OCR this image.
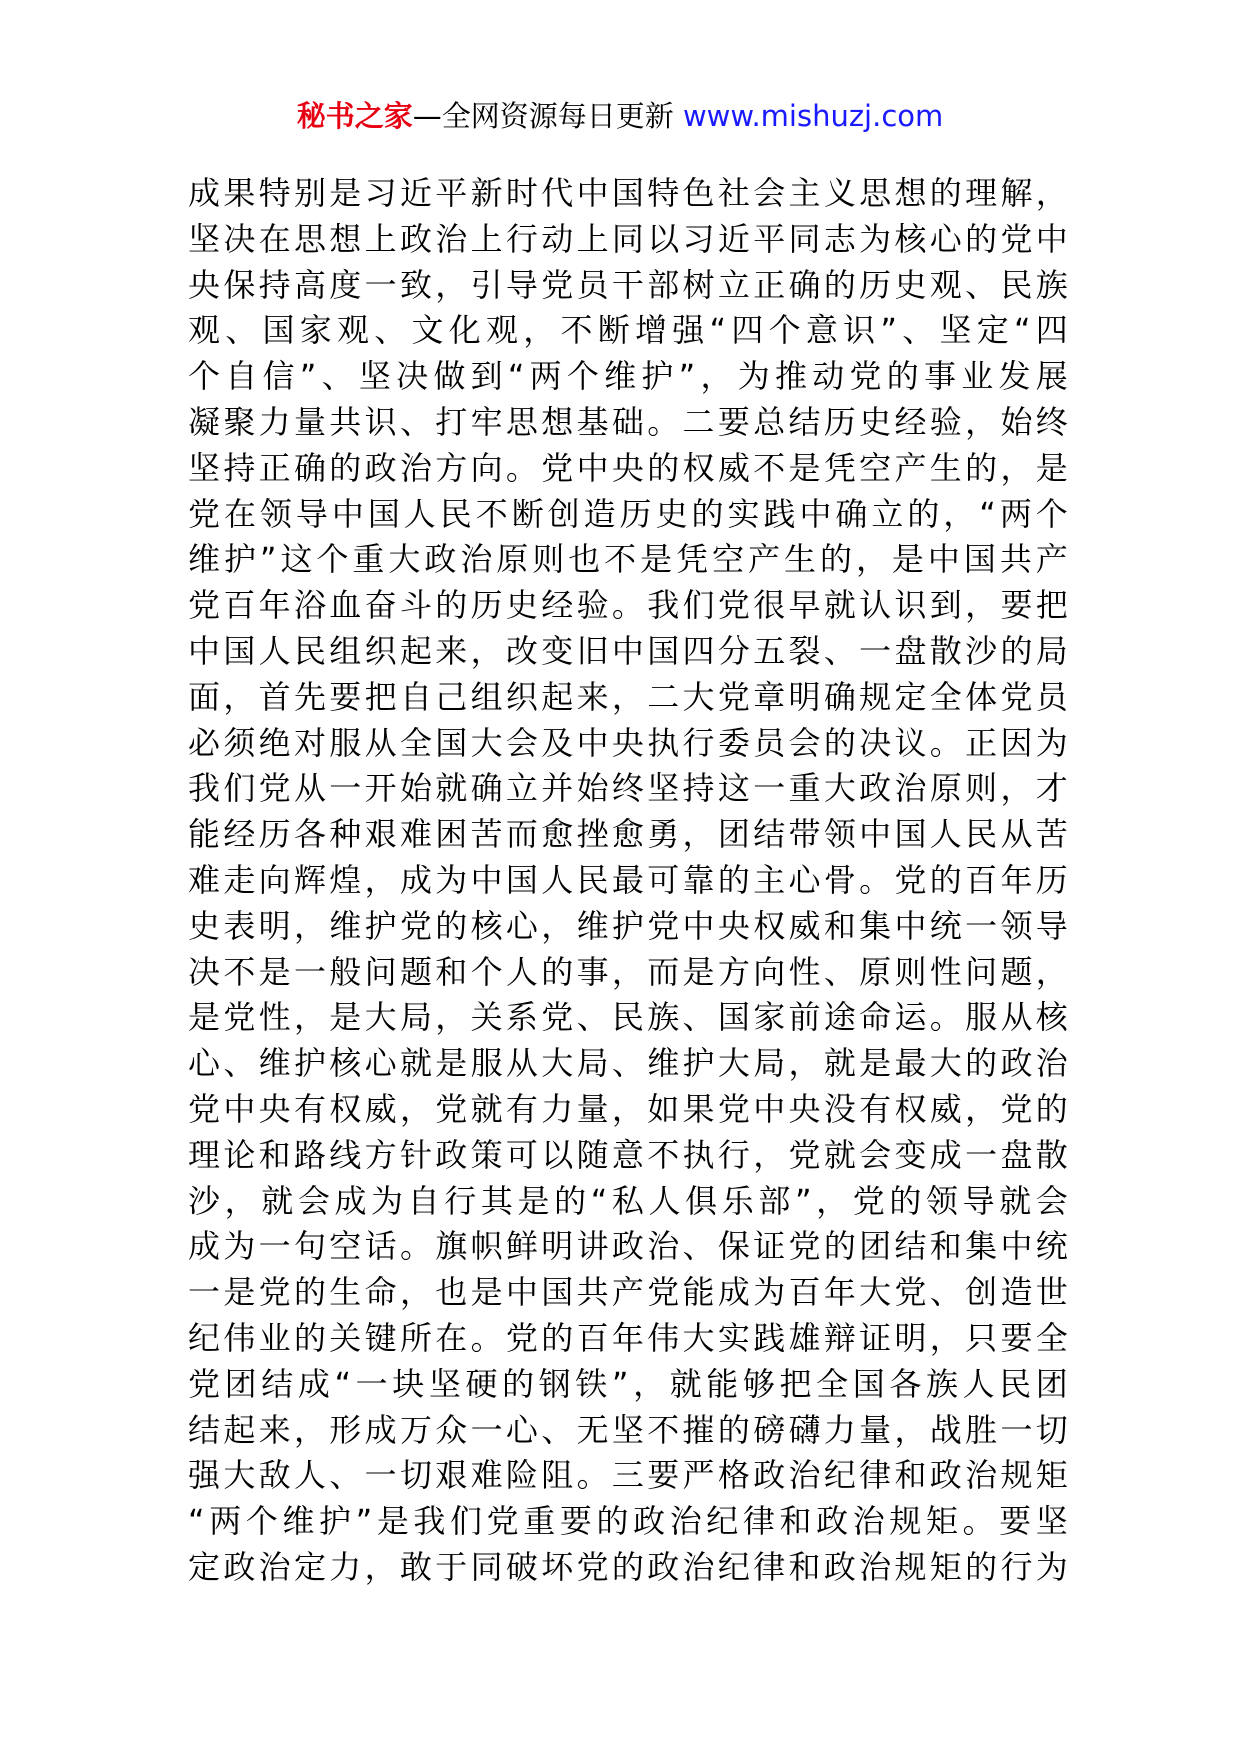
秘书之家—全网资源每日更新 www.mishuzj.com
成果特别是习近平新时代中国特色社会主义思想的理解，
坚决在思想上政治上行动上同以习近平同志为核心的党中
央保持高度一致，引导党员干部树立正确的历史观、民族
观、国家观、文化观，不断增强“四个意识”、坚定“四
个自信”、坚决做到“两个维护”，为推动党的事业发展
凝聚力量共识、打牢思想基础。二要总结历史经验，始终
坚持正确的政治方向。党中央的权威不是凭空产生的，是
党在领导中国人民不断创造历史的实践中确立的，“两个
维护”这个重大政治原则也不是凭空产生的，是中国共产
党百年浴血奋斗的历史经验。我们党很早就认识到，要把
中国人民组织起来，改变旧中国四分五裂、一盘散沙的局
面，首先要把自己组织起来，二大党章明确规定全体党员
必须绝对服从全国大会及中央执行委员会的决议。正因为
我们党从一开始就确立并始终坚持这一重大政治原则，才
能经历各种艰难困苦而愈挫愈勇，团结带领中国人民从苦
难走向辉煌，成为中国人民最可靠的主心骨。党的百年历
史表明，维护党的核心，维护党中央权威和集中统一领导
决不是一般问题和个人的事，而是方向性、原则性问题，
是党性，是大局，关系党、民族、国家前途命运。服从核
心、维护核心就是服从大局、维护大局，就是最大的政治
党中央有权威，党就有力量，如果党中央没有权威，党的
理论和路线方针政策可以随意不执行，党就会变成一盘散
沙，就会成为自行其是的“私人俱乐部”，党的领导就会
成为一句空话。旗帜鲜明讲政治、保证党的团结和集中统
一是党的生命，也是中国共产党能成为百年大党、创造世
纪伟业的关键所在。党的百年伟大实践雄辩证明，只要全
党团结成“一块坚硬的钢铁”，就能够把全国各族人民团
结起来，形成万众一心、无坚不摧的磅礴力量，战胜一切
强大敌人、一切艰难险阻。三要严格政治纪律和政治规矩
“两个维护”是我们党重要的政治纪律和政治规矩。要坚
定政治定力，敢于同破坏党的政治纪律和政治规矩的行为
